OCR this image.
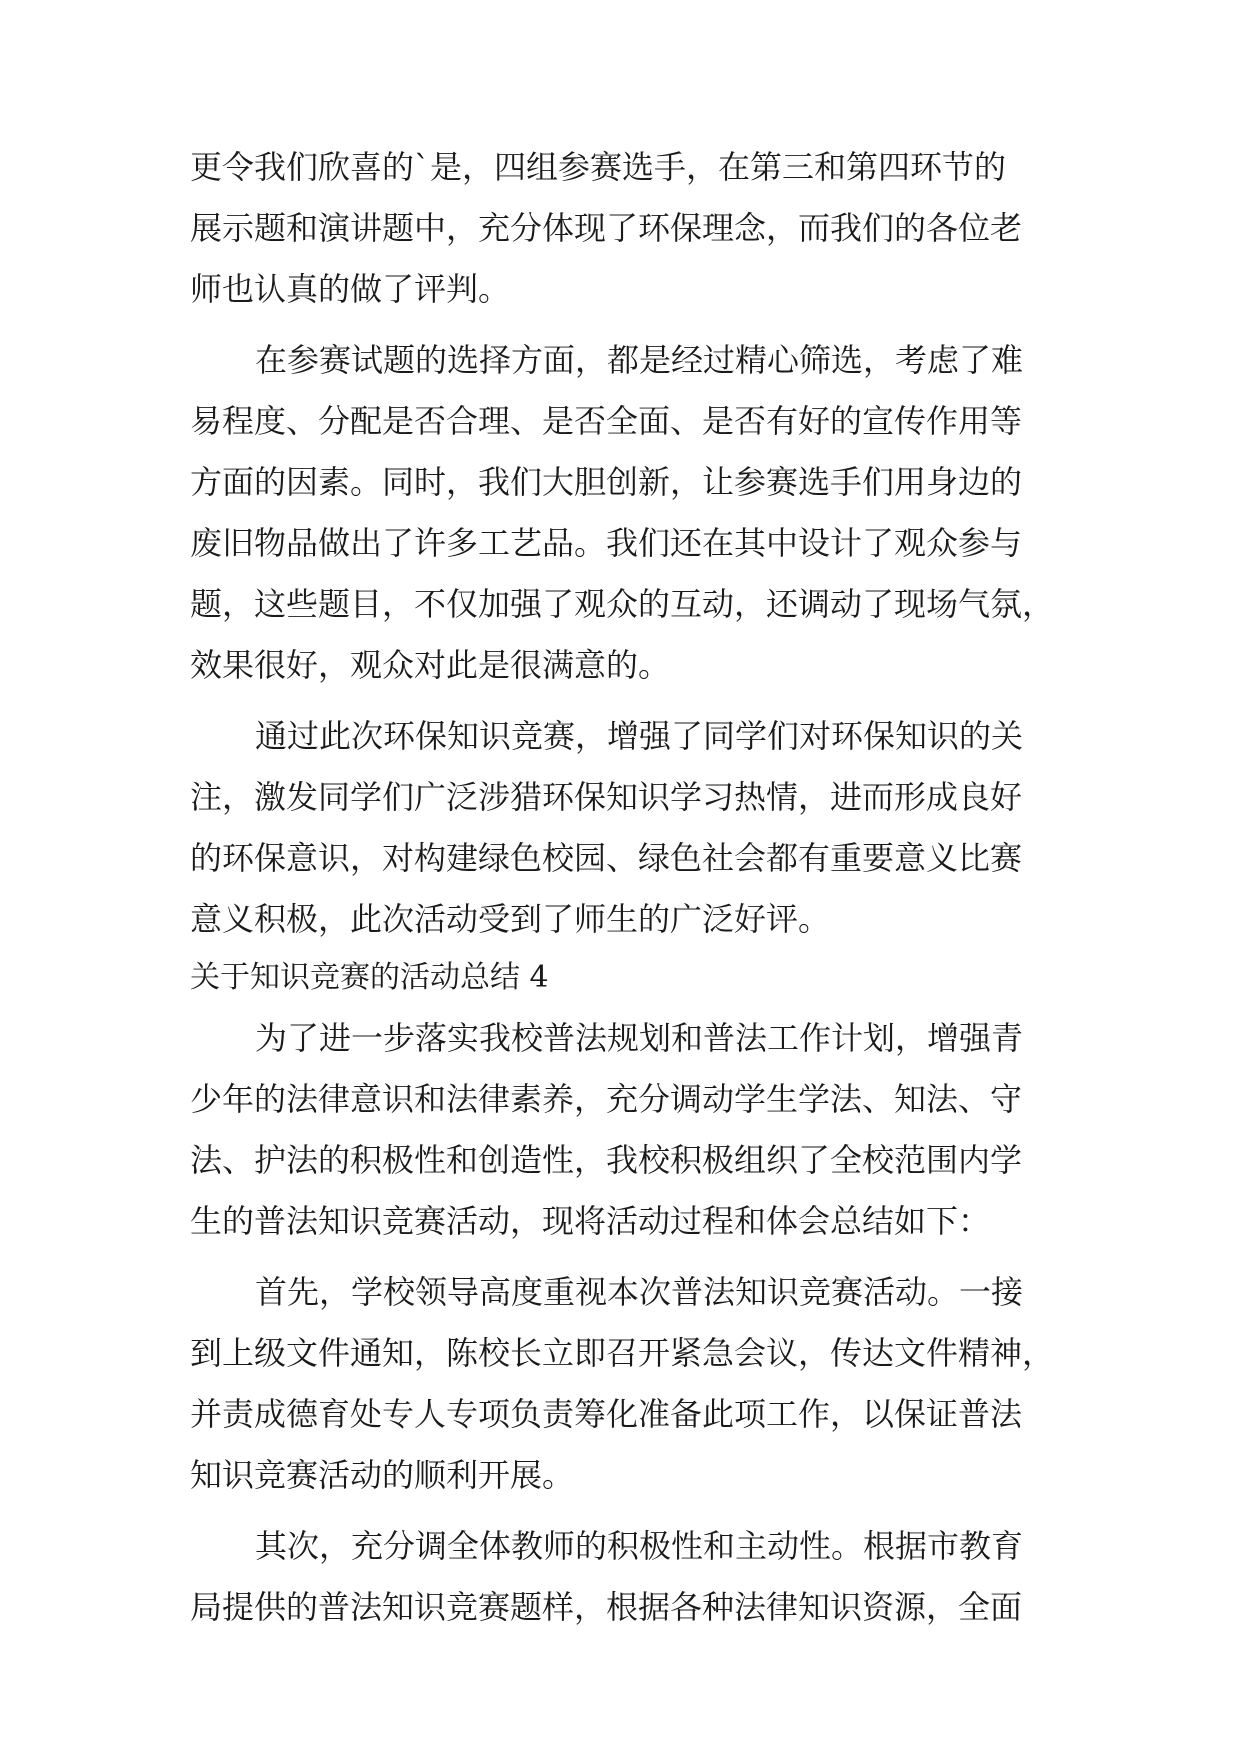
更令我们欣喜的`是，四组参赛选手，在第三和第四环节的
展示题和演讲题中，充分体现了环保理念，而我们的各位老
师也认真的做了评判。
在参赛试题的选择方面，都是经过精心筛选，考虑了难
易程度、分配是否合理、是否全面、是否有好的宣传作用等
方面的因素。同时，我们大胆创新，让参赛选手们用身边的
废旧物品做出了许多工艺品。我们还在其中设计了观众参与
题，这些题目，不仅加强了观众的互动，还调动了现场气氛，
效果很好，观众对此是很满意的。
通过此次环保知识竞赛，增强了同学们对环保知识的关
注，激发同学们广泛涉猎环保知识学习热情，进而形成良好
的环保意识，对构建绿色校园、绿色社会都有重要意义比赛
意义积极，此次活动受到了师生的广泛好评。
关于知识竞赛的活动总结 4
为了进一步落实我校普法规划和普法工作计划，增强青
少年的法律意识和法律素养，充分调动学生学法、知法、守
法、护法的积极性和创造性，我校积极组织了全校范围内学
生的普法知识竞赛活动，现将活动过程和体会总结如下：
首先，学校领导高度重视本次普法知识竞赛活动。一接
到上级文件通知，陈校长立即召开紧急会议，传达文件精神，
并责成德育处专人专项负责筹化准备此项工作，以保证普法
知识竞赛活动的顺利开展。
其次，充分调全体教师的积极性和主动性。根据市教育
局提供的普法知识竞赛题样，根据各种法律知识资源，全面
